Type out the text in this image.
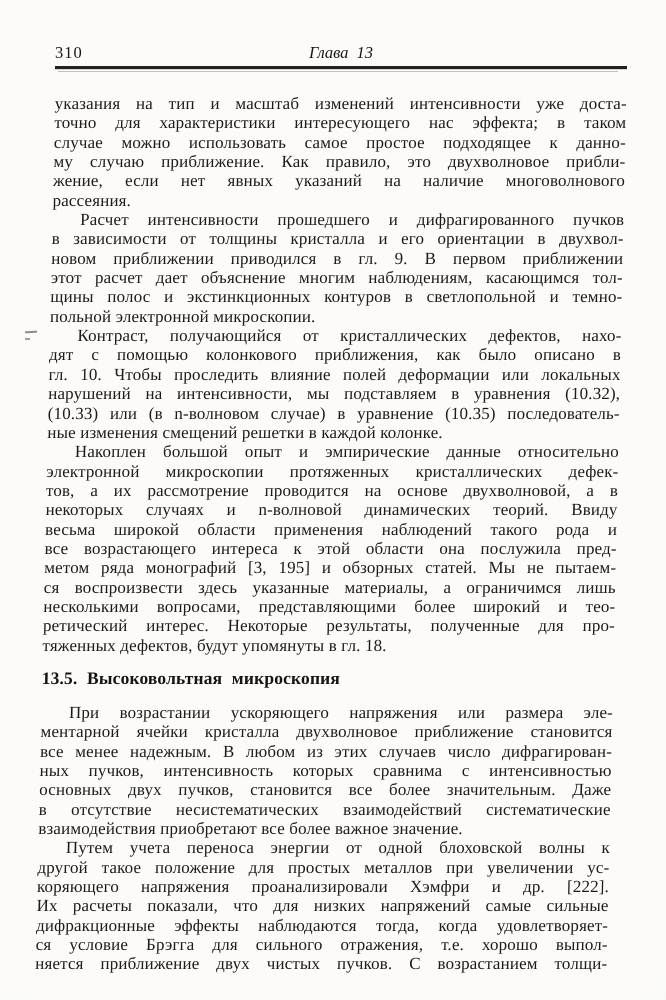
310	Глава 13
указания на тип и масштаб изменений интенсивности уже доста-
точно для характеристики интересующего нас эффекта; в таком
случае можно использовать самое простое подходящее к данно-
му случаю приближение. Как правило, это двухволновое прибли-
жение, если нет явных указаний на наличие многоволнового
рассеяния.
Расчет интенсивности прошедшего и дифрагированного пучков
в зависимости от толщины кристалла и его ориентации в двухвол-
новом приближении приводился в гл. 9. В первом приближении
этот расчет дает объяснение многим наблюдениям, касающимся тол-
щины полос и экстинкционных контуров в светлопольной и темно-
польной электронной микроскопии.
Контраст, получающийся от кристаллических дефектов, нахо-
дят с помощью колонкового приближения, как было описано в
гл. 10. Чтобы проследить влияние полей деформации или локальных
нарушений на интенсивности, мы подставляем в уравнения (10.32),
(10.33) или (в n-волновом случае) в уравнение (10.35) последователь-
ные изменения смещений решетки в каждой колонке.
Накоплен большой опыт и эмпирические данные относительно
электронной микроскопии протяженных кристаллических дефек-
тов, а их рассмотрение проводится на основе двухволновой, а в
некоторых случаях и n-волновой динамических теорий. Ввиду
весьма широкой области применения наблюдений такого рода и
все возрастающего интереса к этой области она послужила пред-
метом ряда монографий [3, 195] и обзорных статей. Мы не пытаем-
ся воспроизвести здесь указанные материалы, а ограничимся лишь
несколькими вопросами, представляющими более широкий и тео-
ретический интерес. Некоторые результаты, полученные для про-
тяженных дефектов, будут упомянуты в гл. 18.
13.5. Высоковольтная микроскопия
При возрастании ускоряющего напряжения или размера эле-
ментарной ячейки кристалла двухволновое приближение становится
все менее надежным. В любом из этих случаев число дифрагирован-
ных пучков, интенсивность которых сравнима с интенсивностью
основных двух пучков, становится все более значительным. Даже
в отсутствие несистематических взаимодействий систематические
взаимодействия приобретают все более важное значение.
Путем учета переноса энергии от одной блоховской волны к
другой такое положение для простых металлов при увеличении ус-
коряющего напряжения проанализировали Хэмфри и др. [222].
Их расчеты показали, что для низких напряжений самые сильные
дифракционные эффекты наблюдаются тогда, когда удовлетворяет-
ся условие Брэгга для сильного отражения, т.е. хорошо выпол-
няется приближение двух чистых пучков. С возрастанием толщи-
